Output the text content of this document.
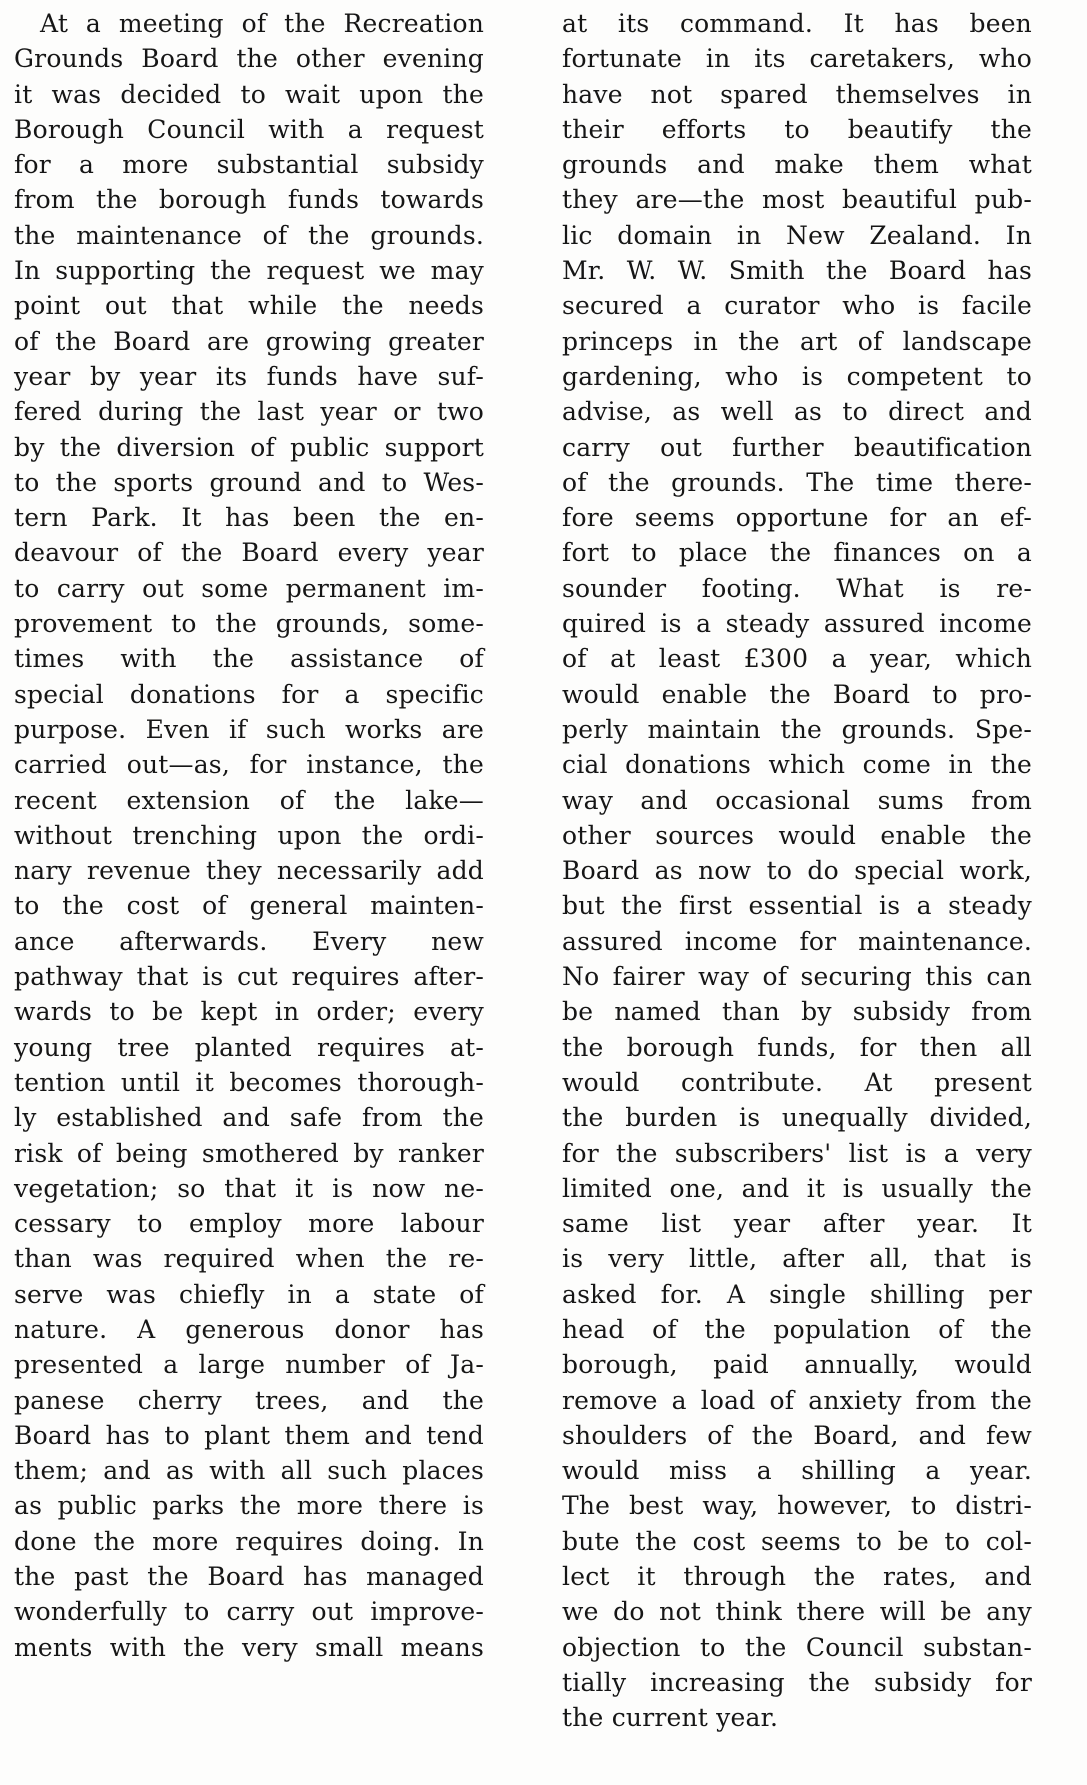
At a meeting of the Recreation
Grounds Board the other evening
it was decided to wait upon the
Borough Council with a request
for a more substantial subsidy
from the borough funds towards
the maintenance of the grounds.
In supporting the request we may
point out that while the needs
of the Board are growing greater
year by year its funds have suf-
fered during the last year or two
by the diversion of public support
to the sports ground and to Wes-
tern Park. It has been the en-
deavour of the Board every year
to carry out some permanent im-
provement to the grounds, some-
times with the assistance of
special donations for a specific
purpose. Even if such works are
carried out—as, for instance, the
recent extension of the lake—
without trenching upon the ordi-
nary revenue they necessarily add
to the cost of general mainten-
ance afterwards. Every new
pathway that is cut requires after-
wards to be kept in order; every
young tree planted requires at-
tention until it becomes thorough-
ly established and safe from the
risk of being smothered by ranker
vegetation; so that it is now ne-
cessary to employ more labour
than was required when the re-
serve was chiefly in a state of
nature. A generous donor has
presented a large number of Ja-
panese cherry trees, and the
Board has to plant them and tend
them; and as with all such places
as public parks the more there is
done the more requires doing. In
the past the Board has managed
wonderfully to carry out improve-
ments with the very small means
at its command. It has been
fortunate in its caretakers, who
have not spared themselves in
their efforts to beautify the
grounds and make them what
they are—the most beautiful pub-
lic domain in New Zealand. In
Mr. W. W. Smith the Board has
secured a curator who is facile
princeps in the art of landscape
gardening, who is competent to
advise, as well as to direct and
carry out further beautification
of the grounds. The time there-
fore seems opportune for an ef-
fort to place the finances on a
sounder footing. What is re-
quired is a steady assured income
of at least £300 a year, which
would enable the Board to pro-
perly maintain the grounds. Spe-
cial donations which come in the
way and occasional sums from
other sources would enable the
Board as now to do special work,
but the first essential is a steady
assured income for maintenance.
No fairer way of securing this can
be named than by subsidy from
the borough funds, for then all
would contribute. At present
the burden is unequally divided,
for the subscribers' list is a very
limited one, and it is usually the
same list year after year. It
is very little, after all, that is
asked for. A single shilling per
head of the population of the
borough, paid annually, would
remove a load of anxiety from the
shoulders of the Board, and few
would miss a shilling a year.
The best way, however, to distri-
bute the cost seems to be to col-
lect it through the rates, and
we do not think there will be any
objection to the Council substan-
tially increasing the subsidy for
the current year.
